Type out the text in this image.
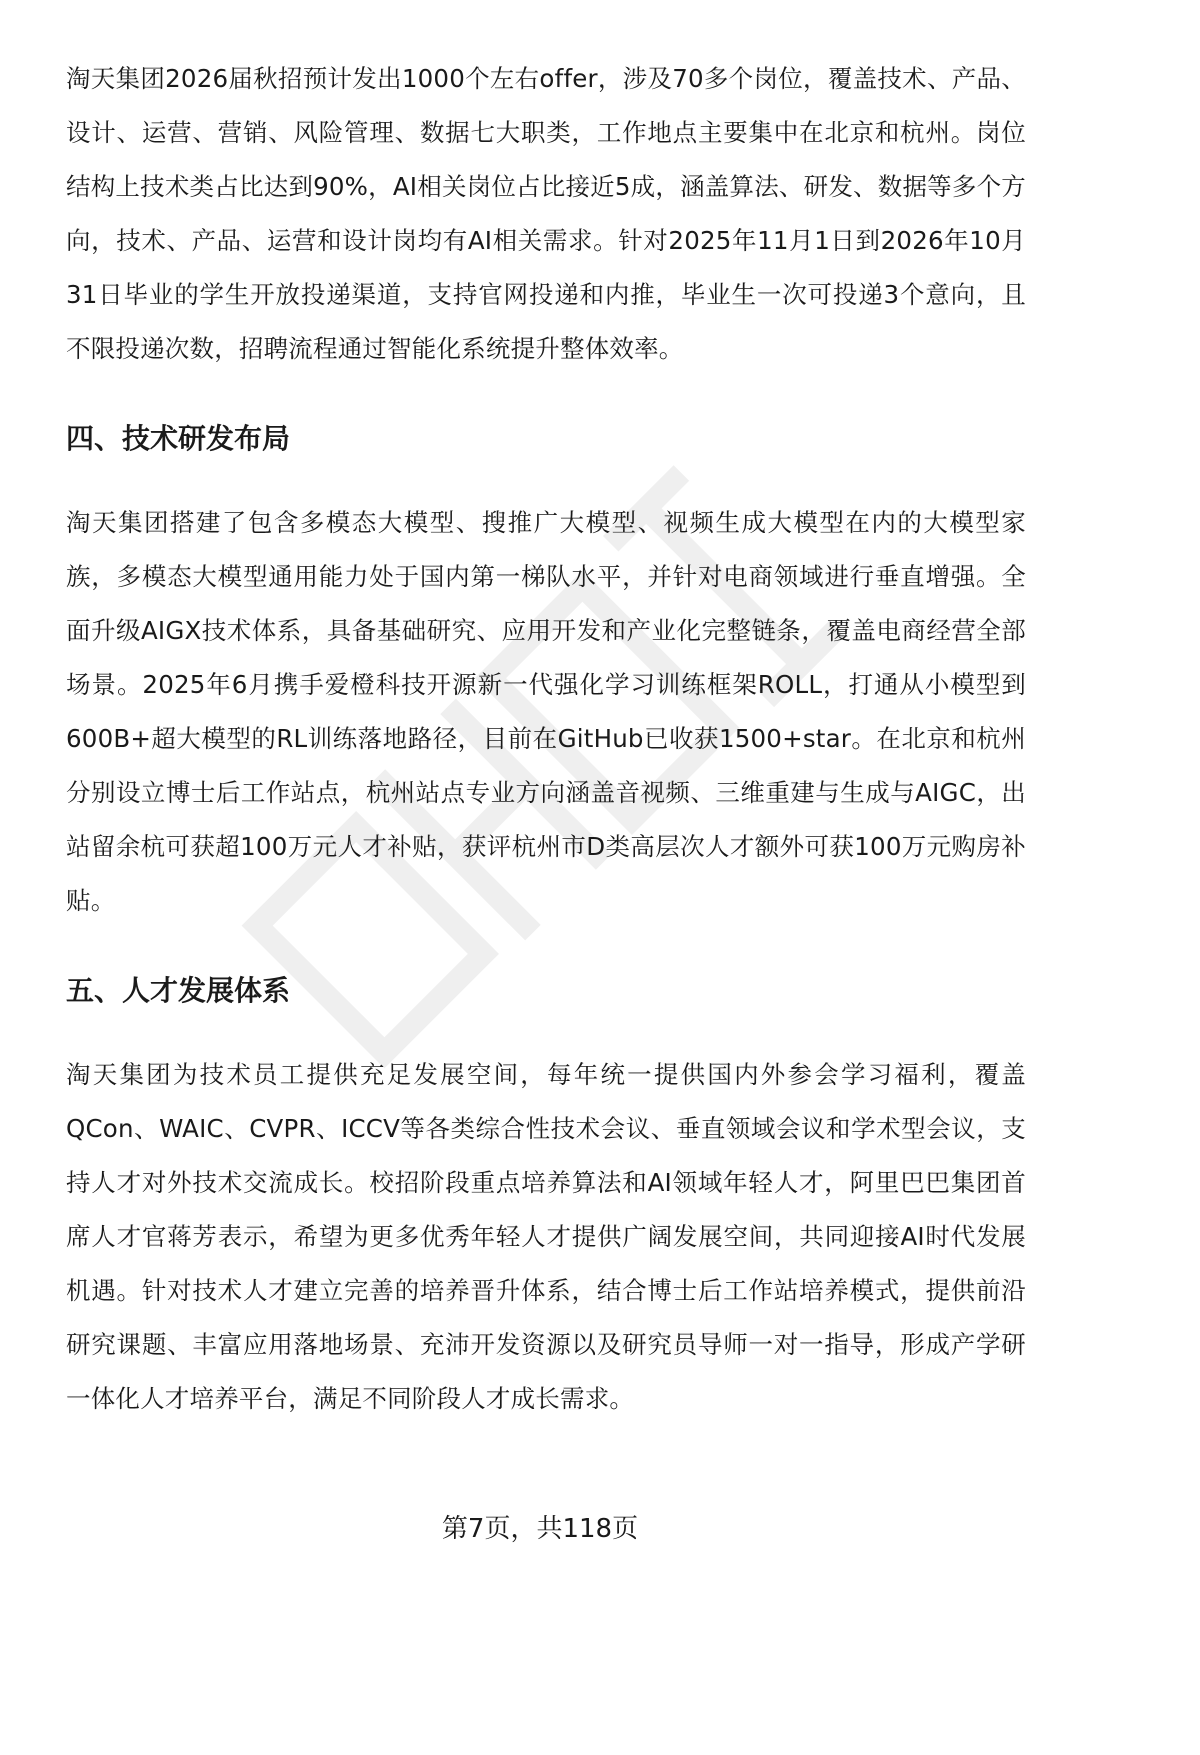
淘天集团2026届秋招预计发出1000个左右offer，涉及70多个岗位，覆盖技术、产品、设计、运营、营销、风险管理、数据七大职类，工作地点主要集中在北京和杭州。岗位结构上技术类占比达到90%，AI相关岗位占比接近5成，涵盖算法、研发、数据等多个方向，技术、产品、运营和设计岗均有AI相关需求。针对2025年11月1日到2026年10月31日毕业的学生开放投递渠道，支持官网投递和内推，毕业生一次可投递3个意向，且不限投递次数，招聘流程通过智能化系统提升整体效率。

四、技术研发布局

淘天集团搭建了包含多模态大模型、搜推广大模型、视频生成大模型在内的大模型家族，多模态大模型通用能力处于国内第一梯队水平，并针对电商领域进行垂直增强。全面升级AIGX技术体系，具备基础研究、应用开发和产业化完整链条，覆盖电商经营全部场景。2025年6月携手爱橙科技开源新一代强化学习训练框架ROLL，打通从小模型到600B+超大模型的RL训练落地路径，目前在GitHub已收获1500+star。在北京和杭州分别设立博士后工作站点，杭州站点专业方向涵盖音视频、三维重建与生成与AIGC，出站留余杭可获超100万元人才补贴，获评杭州市D类高层次人才额外可获100万元购房补贴。

五、人才发展体系

淘天集团为技术员工提供充足发展空间，每年统一提供国内外参会学习福利，覆盖QCon、WAIC、CVPR、ICCV等各类综合性技术会议、垂直领域会议和学术型会议，支持人才对外技术交流成长。校招阶段重点培养算法和AI领域年轻人才，阿里巴巴集团首席人才官蒋芳表示，希望为更多优秀年轻人才提供广阔发展空间，共同迎接AI时代发展机遇。针对技术人才建立完善的培养晋升体系，结合博士后工作站培养模式，提供前沿研究课题、丰富应用落地场景、充沛开发资源以及研究员导师一对一指导，形成产学研一体化人才培养平台，满足不同阶段人才成长需求。

第7页，共118页
